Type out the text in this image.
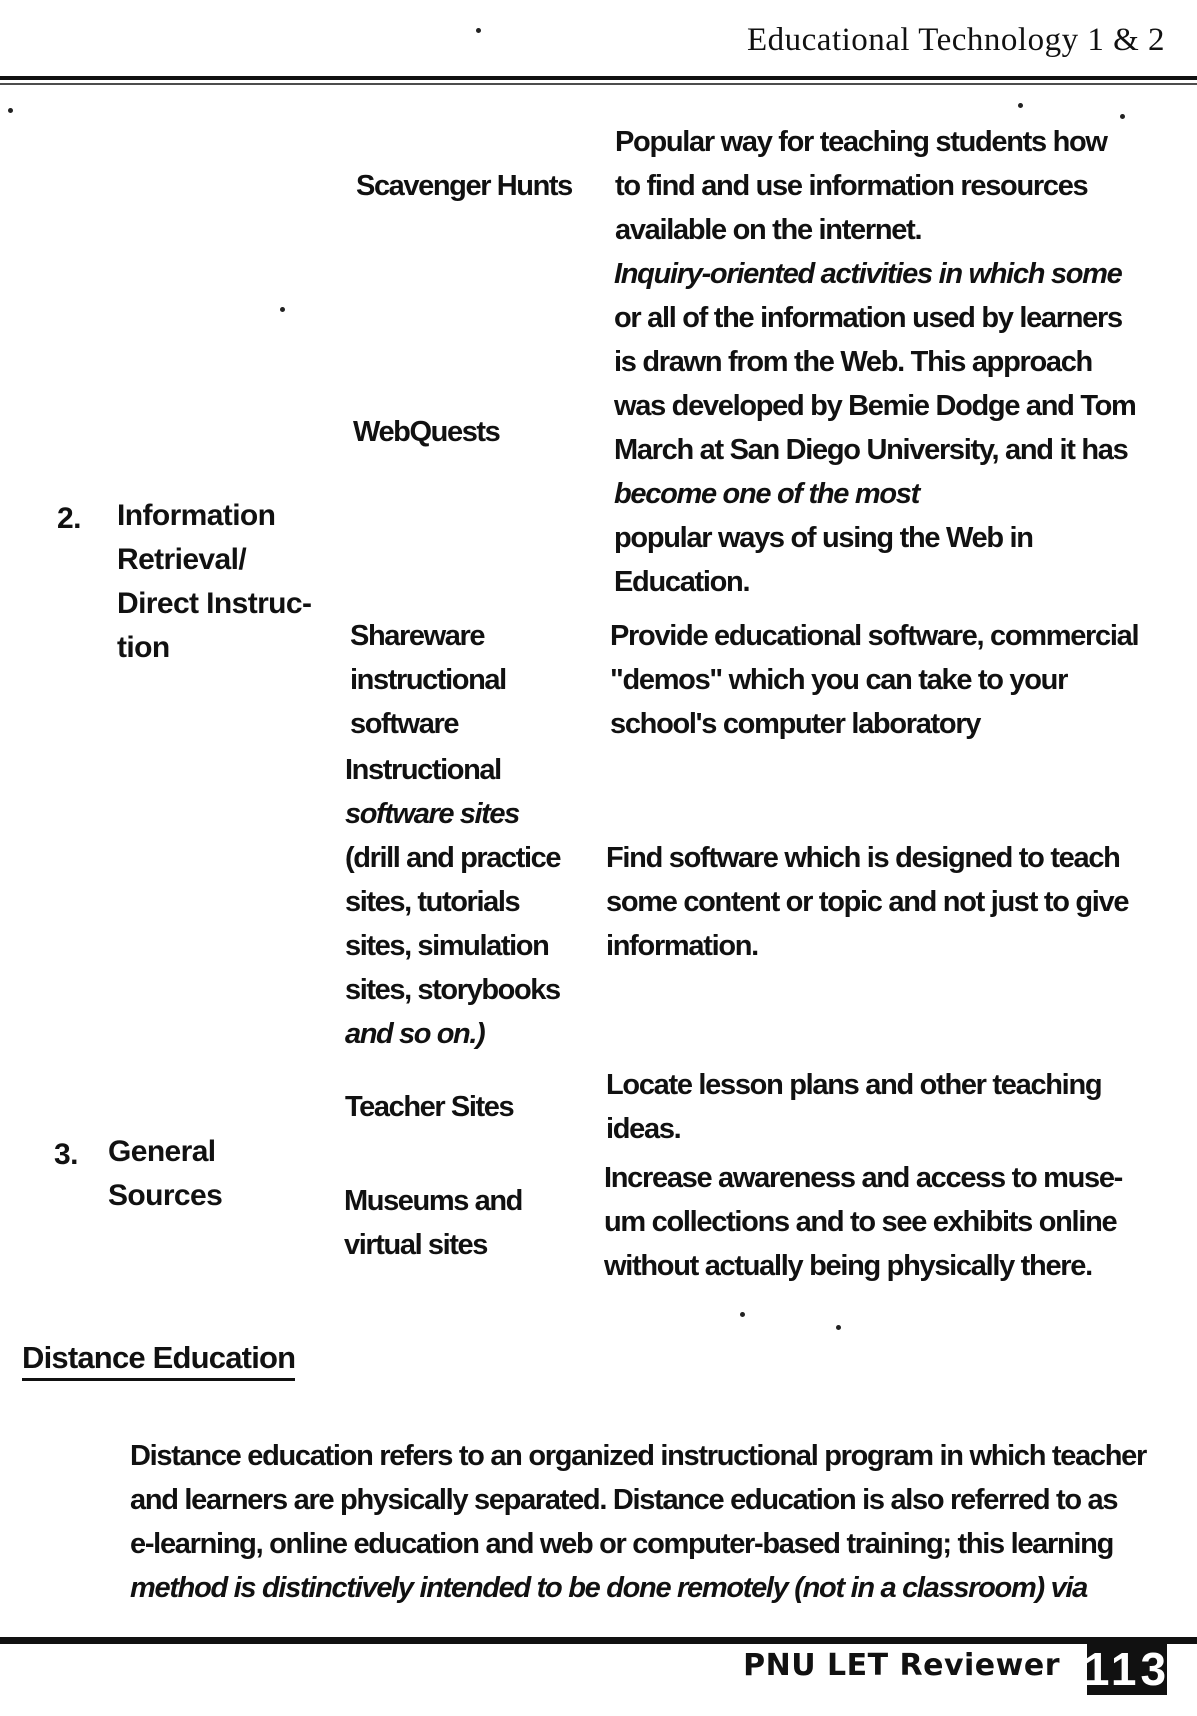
Educational Technology 1 & 2
2. Information
Retrieval/
Direct Instruc-
tion
3. General
Sources
Scavenger Hunts
Popular way for teaching students how
to find and use information resources
available on the internet.
WebQuests
Inquiry-oriented activities in which some
or all of the information used by learners
is drawn from the Web. This approach
was developed by Bemie Dodge and Tom
March at San Diego University, and it has
become one of the most
popular ways of using the Web in
Education.
Shareware
instructional
software
Provide educational software, commercial
"demos" which you can take to your
school's computer laboratory
Instructional
software sites
(drill and practice
sites, tutorials
sites, simulation
sites, storybooks
and so on.)
Find software which is designed to teach
some content or topic and not just to give
information.
Teacher Sites
Locate lesson plans and other teaching
ideas.
Museums and
virtual sites
Increase awareness and access to muse-
um collections and to see exhibits online
without actually being physically there.
Distance Education
Distance education refers to an organized instructional program in which teacher
and learners are physically separated. Distance education is also referred to as
e-learning, online education and web or computer-based training; this learning
method is distinctively intended to be done remotely (not in a classroom) via
PNU LET Reviewer 113
